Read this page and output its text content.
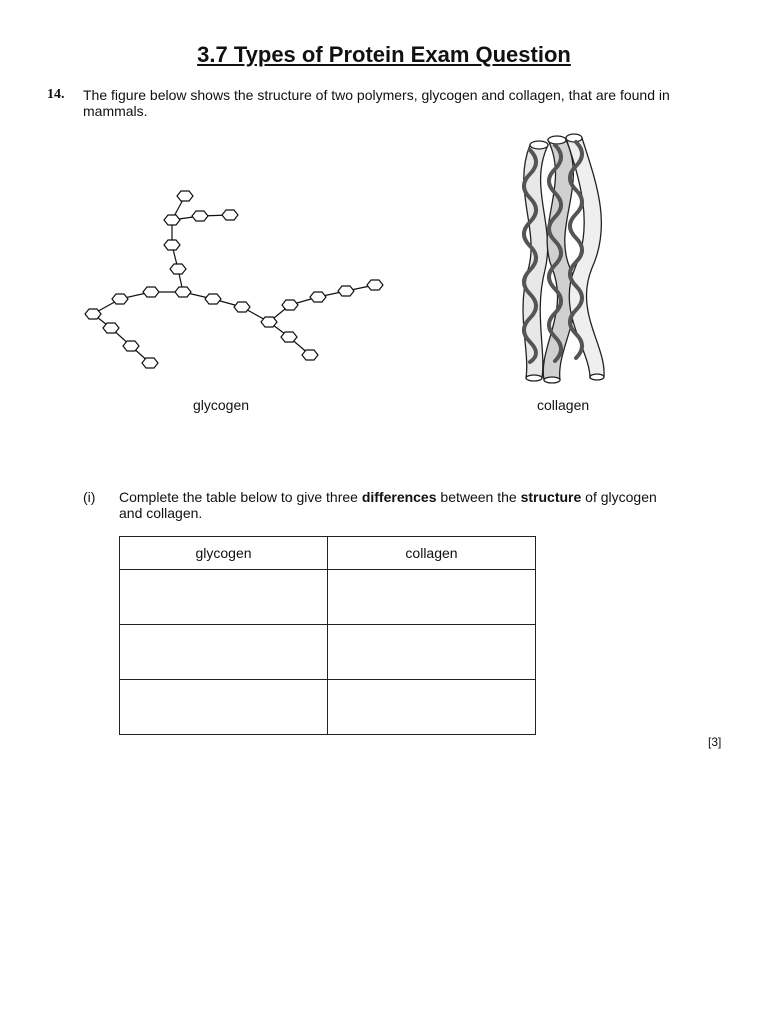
3.7 Types of Protein Exam Question
14. The figure below shows the structure of two polymers, glycogen and collagen, that are found in mammals.
glycogen	collagen
(i) Complete the table below to give three differences between the structure of glycogen and collagen.
glycogen	collagen

[3]
